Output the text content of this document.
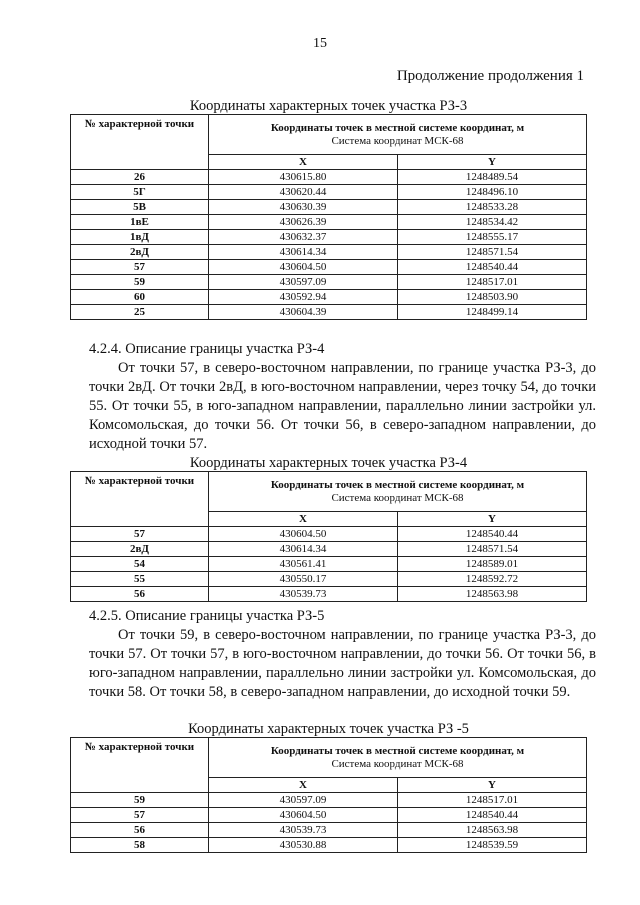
15
Продолжение продолжения 1
Координаты характерных точек участка РЗ-3
№ характерной точки	Координаты точек в местной системе координат, м
Система координат МСК-68	
	X	Y
26	430615.80	1248489.54
5Г	430620.44	1248496.10
5В	430630.39	1248533.28
1вЕ	430626.39	1248534.42
1вД	430632.37	1248555.17
2вД	430614.34	1248571.54
57	430604.50	1248540.44
59	430597.09	1248517.01
60	430592.94	1248503.90
25	430604.39	1248499.14
4.2.4. Описание границы участка РЗ-4
От точки 57, в северо-восточном направлении, по границе участка РЗ-3, до точки 2вД. От точки 2вД, в юго-восточном направлении, через точку 54, до точки 55. От точки 55, в юго-западном направлении, параллельно линии застройки ул. Комсомольская, до точки 56. От точки 56, в северо-западном направлении, до исходной точки 57.
Координаты характерных точек участка РЗ-4
№ характерной точки	Координаты точек в местной системе координат, м
Система координат МСК-68	
	X	Y
57	430604.50	1248540.44
2вД	430614.34	1248571.54
54	430561.41	1248589.01
55	430550.17	1248592.72
56	430539.73	1248563.98
4.2.5. Описание границы участка РЗ-5
От точки 59, в северо-восточном направлении, по границе участка РЗ-3, до точки 57. От точки 57, в юго-восточном направлении, до точки 56. От точки 56, в юго-западном направлении, параллельно линии застройки ул. Комсомольская, до точки 58. От точки 58, в северо-западном направлении, до исходной точки 59.
Координаты характерных точек участка РЗ -5
№ характерной точки	Координаты точек в местной системе координат, м
Система координат МСК-68	
	X	Y
59	430597.09	1248517.01
57	430604.50	1248540.44
56	430539.73	1248563.98
58	430530.88	1248539.59
